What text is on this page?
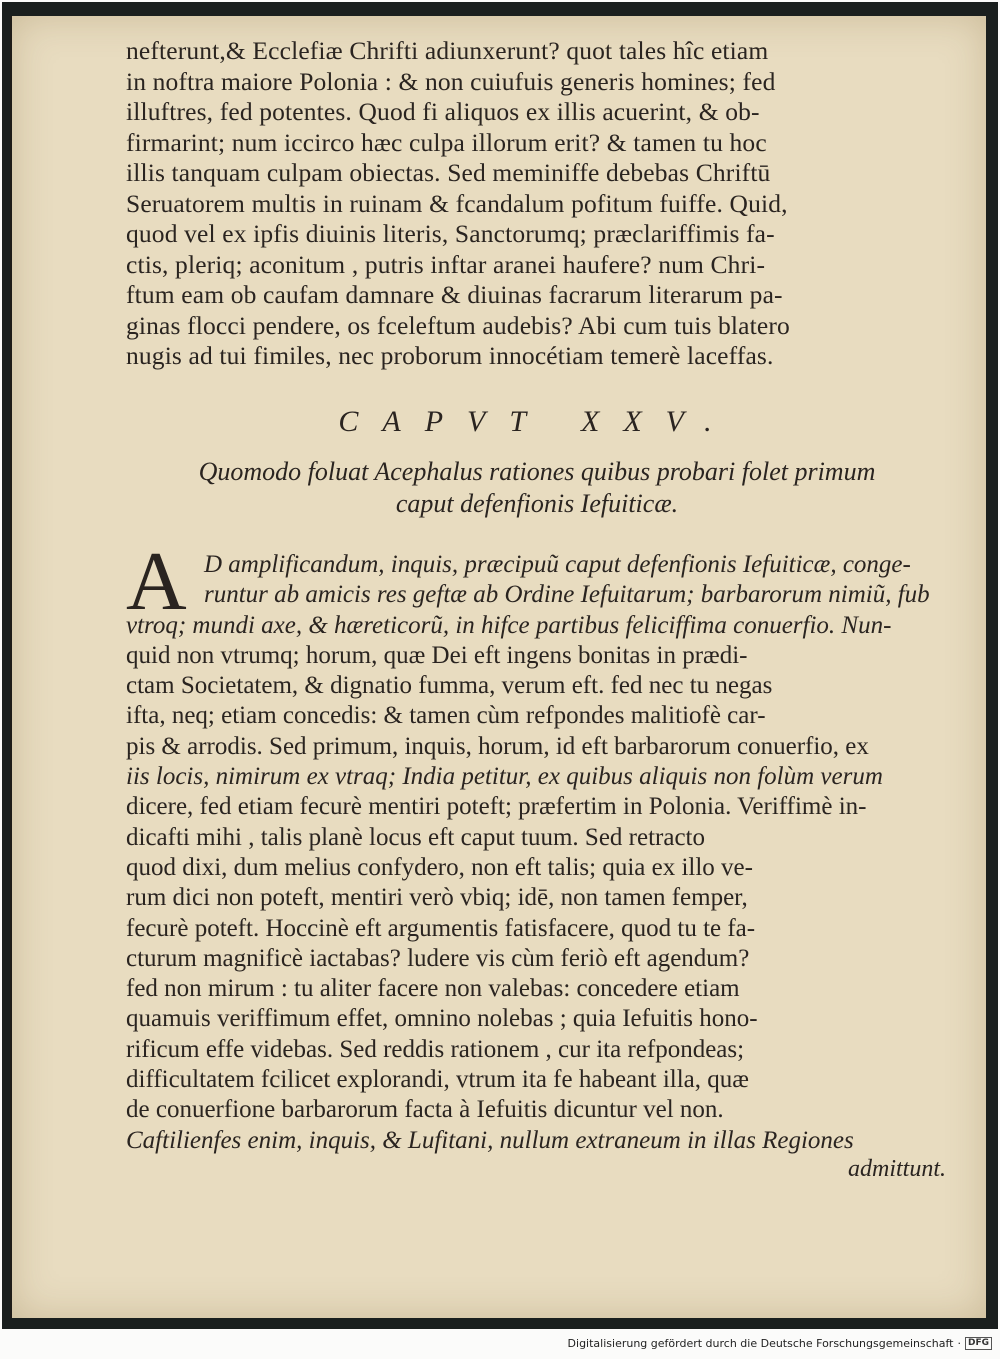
nefterunt,& Ecclefiæ Chrifti adiunxerunt? quot tales hîc etiam
in noftra maiore Polonia : & non cuiufuis generis homines; fed
illuftres, fed potentes. Quod fi aliquos ex illis acuerint, & ob-
firmarint; num iccirco hæc culpa illorum erit? & tamen tu hoc
illis tanquam culpam obiectas. Sed meminiffe debebas Chriftū
Seruatorem multis in ruinam & fcandalum pofitum fuiffe. Quid,
quod vel ex ipfis diuinis literis, Sanctorumq; præclariffimis fa-
ctis, pleriq; aconitum , putris inftar aranei haufere? num Chri-
ftum eam ob caufam damnare & diuinas facrarum literarum pa-
ginas flocci pendere, os fceleftum audebis? Abi cum tuis blatero
nugis ad tui fimiles, nec proborum innocétiam temerè laceffas.
CAPVT XXV.
Quomodo foluat Acephalus rationes quibus probari folet primum
caput defenfionis Iefuiticæ.
A D amplificandum, inquis, præcipuũ caput defenfionis Iefuiticæ, conge-
runtur ab amicis res geftæ ab Ordine Iefuitarum; barbarorum nimiũ, fub
vtroq; mundi axe, & hæreticorũ, in hifce partibus feliciffima conuerfio. Nun-
quid non vtrumq; horum, quæ Dei eft ingens bonitas in prædi-
ctam Societatem, & dignatio fumma, verum eft. fed nec tu negas
ifta, neq; etiam concedis: & tamen cùm refpondes malitiofè car-
pis & arrodis. Sed primum, inquis, horum, id eft barbarorum conuerfio, ex
iis locis, nimirum ex vtraq; India petitur, ex quibus aliquis non folùm verum
dicere, fed etiam fecurè mentiri poteft; præfertim in Polonia. Veriffimè in-
dicafti mihi , talis planè locus eft caput tuum. Sed retracto
quod dixi, dum melius confydero, non eft talis; quia ex illo ve-
rum dici non poteft, mentiri verò vbiq; idē, non tamen femper,
fecurè poteft. Hoccinè eft argumentis fatisfacere, quod tu te fa-
cturum magnificè iactabas? ludere vis cùm feriò eft agendum?
fed non mirum : tu aliter facere non valebas: concedere etiam
quamuis veriffimum effet, omnino nolebas ; quia Iefuitis hono-
rificum effe videbas. Sed reddis rationem , cur ita refpondeas;
difficultatem fcilicet explorandi, vtrum ita fe habeant illa, quæ
de conuerfione barbarorum facta à Iefuitis dicuntur vel non.
Caftilienfes enim, inquis, & Lufitani, nullum extraneum in illas Regiones
admittunt.
Digitalisierung gefördert durch die Deutsche Forschungsgemeinschaft · DFG
